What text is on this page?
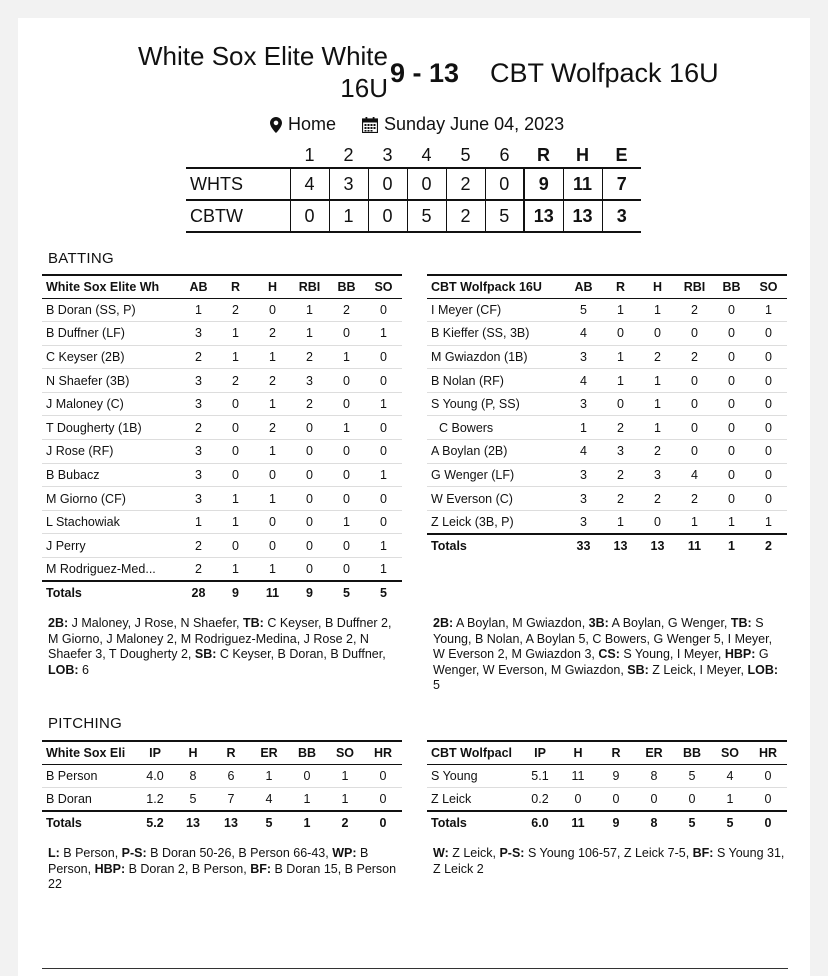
White Sox Elite White 16U 9 - 13 CBT Wolfpack 16U
Home	Sunday June 04, 2023
	1	2	3	4	5	6	R	H	E
WHTS	4	3	0	0	2	0	9	11	7
CBTW	0	1	0	5	2	5	13	13	3
BATTING
White Sox Elite Wh	AB	R	H	RBI	BB	SO
B Doran (SS, P)	1	2	0	1	2	0
B Duffner (LF)	3	1	2	1	0	1
C Keyser (2B)	2	1	1	2	1	0
N Shaefer (3B)	3	2	2	3	0	0
J Maloney (C)	3	0	1	2	0	1
T Dougherty (1B)	2	0	2	0	1	0
J Rose (RF)	3	0	1	0	0	0
B Bubacz	3	0	0	0	0	1
M Giorno (CF)	3	1	1	0	0	0
L Stachowiak	1	1	0	0	1	0
J Perry	2	0	0	0	0	1
M Rodriguez-Med...	2	1	1	0	0	1
Totals	28	9	11	9	5	5
CBT Wolfpack 16U	AB	R	H	RBI	BB	SO
I Meyer (CF)	5	1	1	2	0	1
B Kieffer (SS, 3B)	4	0	0	0	0	0
M Gwiazdon (1B)	3	1	2	2	0	0
B Nolan (RF)	4	1	1	0	0	0
S Young (P, SS)	3	0	1	0	0	0
C Bowers	1	2	1	0	0	0
A Boylan (2B)	4	3	2	0	0	0
G Wenger (LF)	3	2	3	4	0	0
W Everson (C)	3	2	2	2	0	0
Z Leick (3B, P)	3	1	0	1	1	1
Totals	33	13	13	11	1	2
2B: J Maloney, J Rose, N Shaefer, TB: C Keyser, B Duffner 2, M Giorno, J Maloney 2, M Rodriguez-Medina, J Rose 2, N Shaefer 3, T Dougherty 2, SB: C Keyser, B Doran, B Duffner, LOB: 6
2B: A Boylan, M Gwiazdon, 3B: A Boylan, G Wenger, TB: S Young, B Nolan, A Boylan 5, C Bowers, G Wenger 5, I Meyer, W Everson 2, M Gwiazdon 3, CS: S Young, I Meyer, HBP: G Wenger, W Everson, M Gwiazdon, SB: Z Leick, I Meyer, LOB: 5
PITCHING
White Sox Eli	IP	H	R	ER	BB	SO	HR
B Person	4.0	8	6	1	0	1	0
B Doran	1.2	5	7	4	1	1	0
Totals	5.2	13	13	5	1	2	0
CBT Wolfpacl	IP	H	R	ER	BB	SO	HR
S Young	5.1	11	9	8	5	4	0
Z Leick	0.2	0	0	0	0	1	0
Totals	6.0	11	9	8	5	5	0
L: B Person, P-S: B Doran 50-26, B Person 66-43, WP: B Person, HBP: B Doran 2, B Person, BF: B Doran 15, B Person 22
W: Z Leick, P-S: S Young 106-57, Z Leick 7-5, BF: S Young 31, Z Leick 2
